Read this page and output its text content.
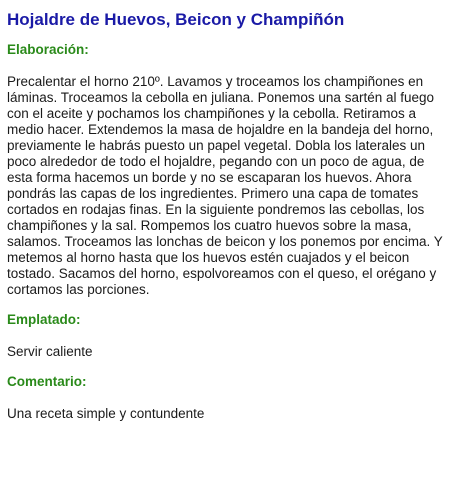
Hojaldre de Huevos, Beicon y Champiñón
Elaboración:

Precalentar el horno 210º. Lavamos y troceamos los champiñones en láminas. Troceamos la cebolla en juliana. Ponemos una sartén al fuego con el aceite y pochamos los champiñones y la cebolla. Retiramos a medio hacer. Extendemos la masa de hojaldre en la bandeja del horno, previamente le habrás puesto un papel vegetal. Dobla los laterales un poco alrededor de todo el hojaldre, pegando con un poco de agua, de esta forma hacemos un borde y no se escaparan los huevos. Ahora pondrás las capas de los ingredientes. Primero una capa de tomates cortados en rodajas finas. En la siguiente pondremos las cebollas, los champiñones y la sal. Rompemos los cuatro huevos sobre la masa, salamos. Troceamos las lonchas de beicon y los ponemos por encima. Y metemos al horno hasta que los huevos estén cuajados y el beicon tostado. Sacamos del horno, espolvoreamos con el queso, el orégano y cortamos las porciones.

Emplatado:

Servir caliente

Comentario:

Una receta simple y contundente
